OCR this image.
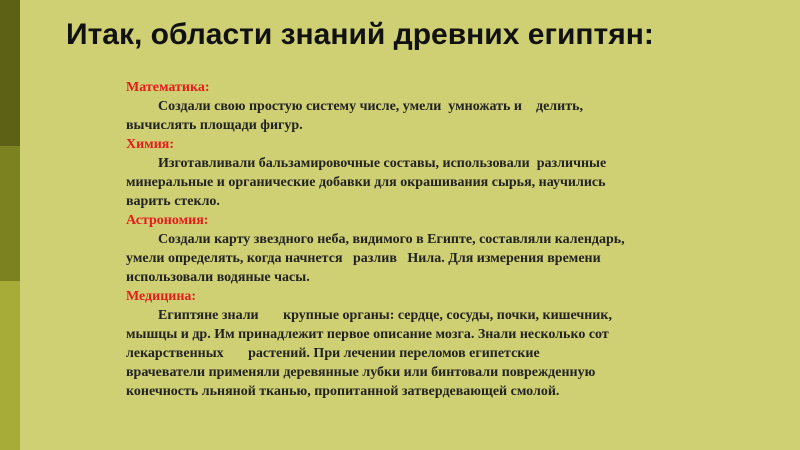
Итак, области знаний древних египтян:
Математика:
Создали свою простую систему числе, умели  умножать и    делить,
вычислять площади фигур.
Химия:
Изготавливали бальзамировочные составы, использовали  различные
минеральные и органические добавки для окрашивания сырья, научились
варить стекло.
Астрономия:
Создали карту звездного неба, видимого в Египте, составляли календарь,
умели определять, когда начнется   разлив   Нила. Для измерения времени
использовали водяные часы.
Медицина:
Египтяне знали       крупные органы: сердце, сосуды, почки, кишечник,
мышцы и др. Им принадлежит первое описание мозга. Знали несколько сот
лекарственных       растений. При лечении переломов египетские
врачеватели применяли деревянные лубки или бинтовали поврежденную
конечность льняной тканью, пропитанной затвердевающей смолой.
